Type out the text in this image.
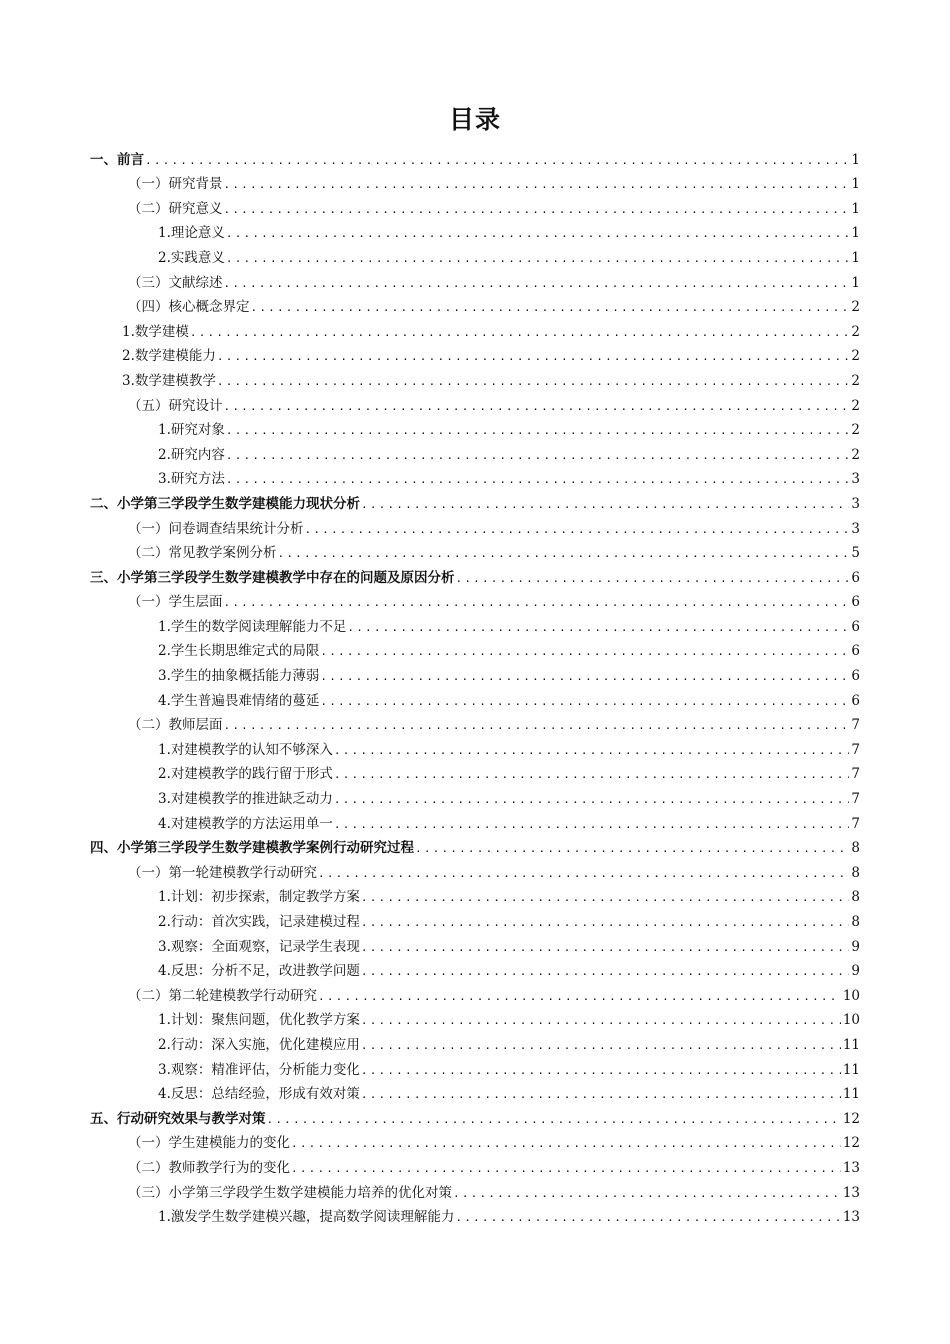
目录
一、前言 .....	1
（一）研究背景 .....	1
（二）研究意义 .....	1
1.理论意义 .....	1
2.实践意义 .....	1
（三）文献综述 .....	1
（四）核心概念界定 .....	2
1.数学建模 .....	2
2.数学建模能力 .....	2
3.数学建模教学 .....	2
（五）研究设计 .....	2
1.研究对象 .....	2
2.研究内容 .....	2
3.研究方法 .....	3
二、小学第三学段学生数学建模能力现状分析 .....	3
（一）问卷调查结果统计分析 .....	3
（二）常见教学案例分析 .....	5
三、小学第三学段学生数学建模教学中存在的问题及原因分析 .....	6
（一）学生层面 .....	6
1.学生的数学阅读理解能力不足 .....	6
2.学生长期思维定式的局限 .....	6
3.学生的抽象概括能力薄弱 .....	6
4.学生普遍畏难情绪的蔓延 .....	6
（二）教师层面 .....	7
1.对建模教学的认知不够深入 .....	7
2.对建模教学的践行留于形式 .....	7
3.对建模教学的推进缺乏动力 .....	7
4.对建模教学的方法运用单一 .....	7
四、小学第三学段学生数学建模教学案例行动研究过程 .....	8
（一）第一轮建模教学行动研究 .....	8
1.计划：初步探索，制定教学方案 .....	8
2.行动：首次实践，记录建模过程 .....	8
3.观察：全面观察，记录学生表现 .....	9
4.反思：分析不足，改进教学问题 .....	9
（二）第二轮建模教学行动研究 .....	10
1.计划：聚焦问题，优化教学方案 .....	10
2.行动：深入实施，优化建模应用 .....	11
3.观察：精准评估，分析能力变化 .....	11
4.反思：总结经验，形成有效对策 .....	11
五、行动研究效果与教学对策 .....	12
（一）学生建模能力的变化 .....	12
（二）教师教学行为的变化 .....	13
（三）小学第三学段学生数学建模能力培养的优化对策 .....	13
1.激发学生数学建模兴趣，提高数学阅读理解能力 .....	13
